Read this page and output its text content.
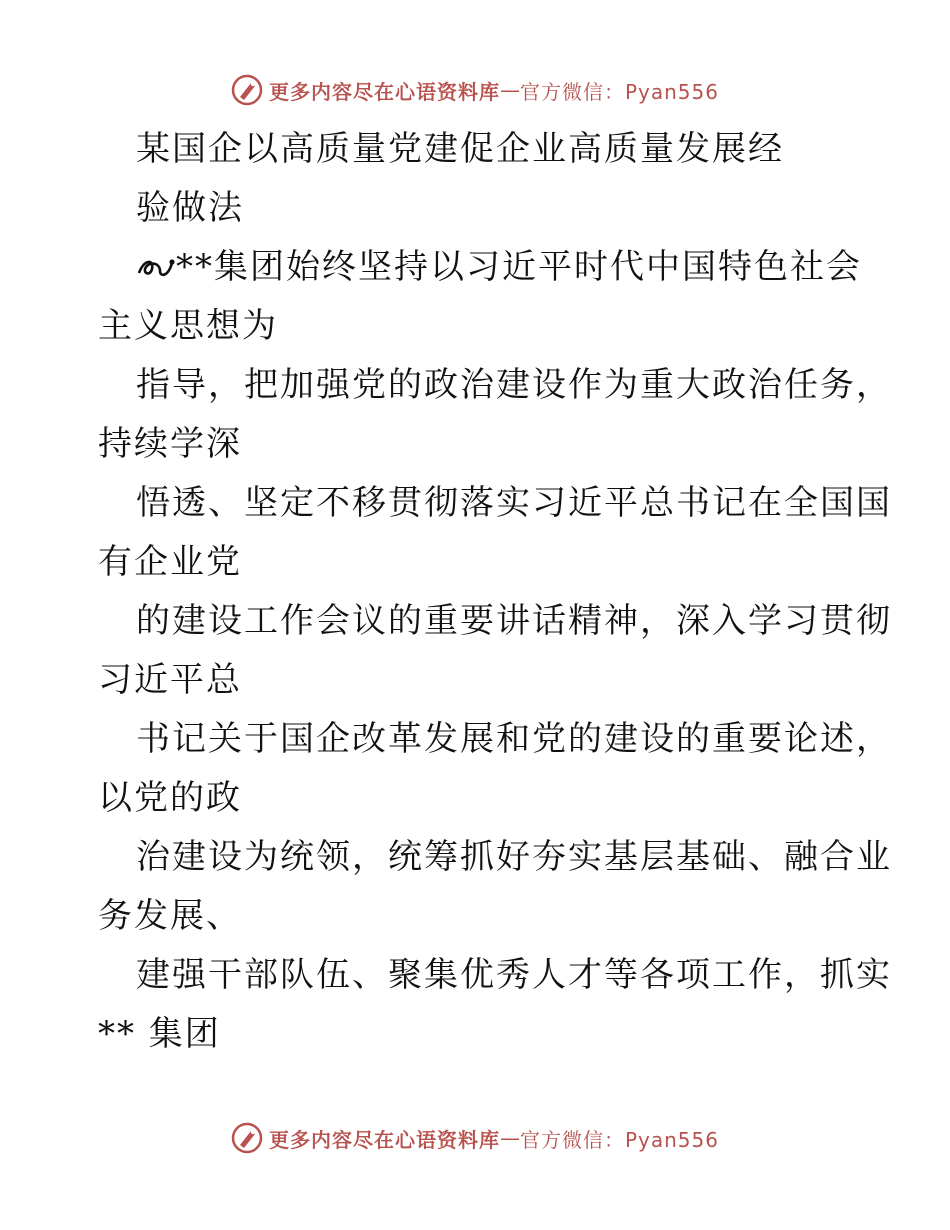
更多内容尽在心语资料库 — 官方微信：Pyan556
某国企以高质量党建促企业高质量发展经
验做法
**集团始终坚持以习近平时代中国特色社会
主义思想为
指导，把加强党的政治建设作为重大政治任务，
持续学深
悟透、坚定不移贯彻落实习近平总书记在全国国
有企业党
的建设工作会议的重要讲话精神，深入学习贯彻
习近平总
书记关于国企改革发展和党的建设的重要论述，
以党的政
治建设为统领，统筹抓好夯实基层基础、融合业
务发展、
建强干部队伍、聚集优秀人才等各项工作，抓实
** 集团
更多内容尽在心语资料库 — 官方微信：Pyan556
